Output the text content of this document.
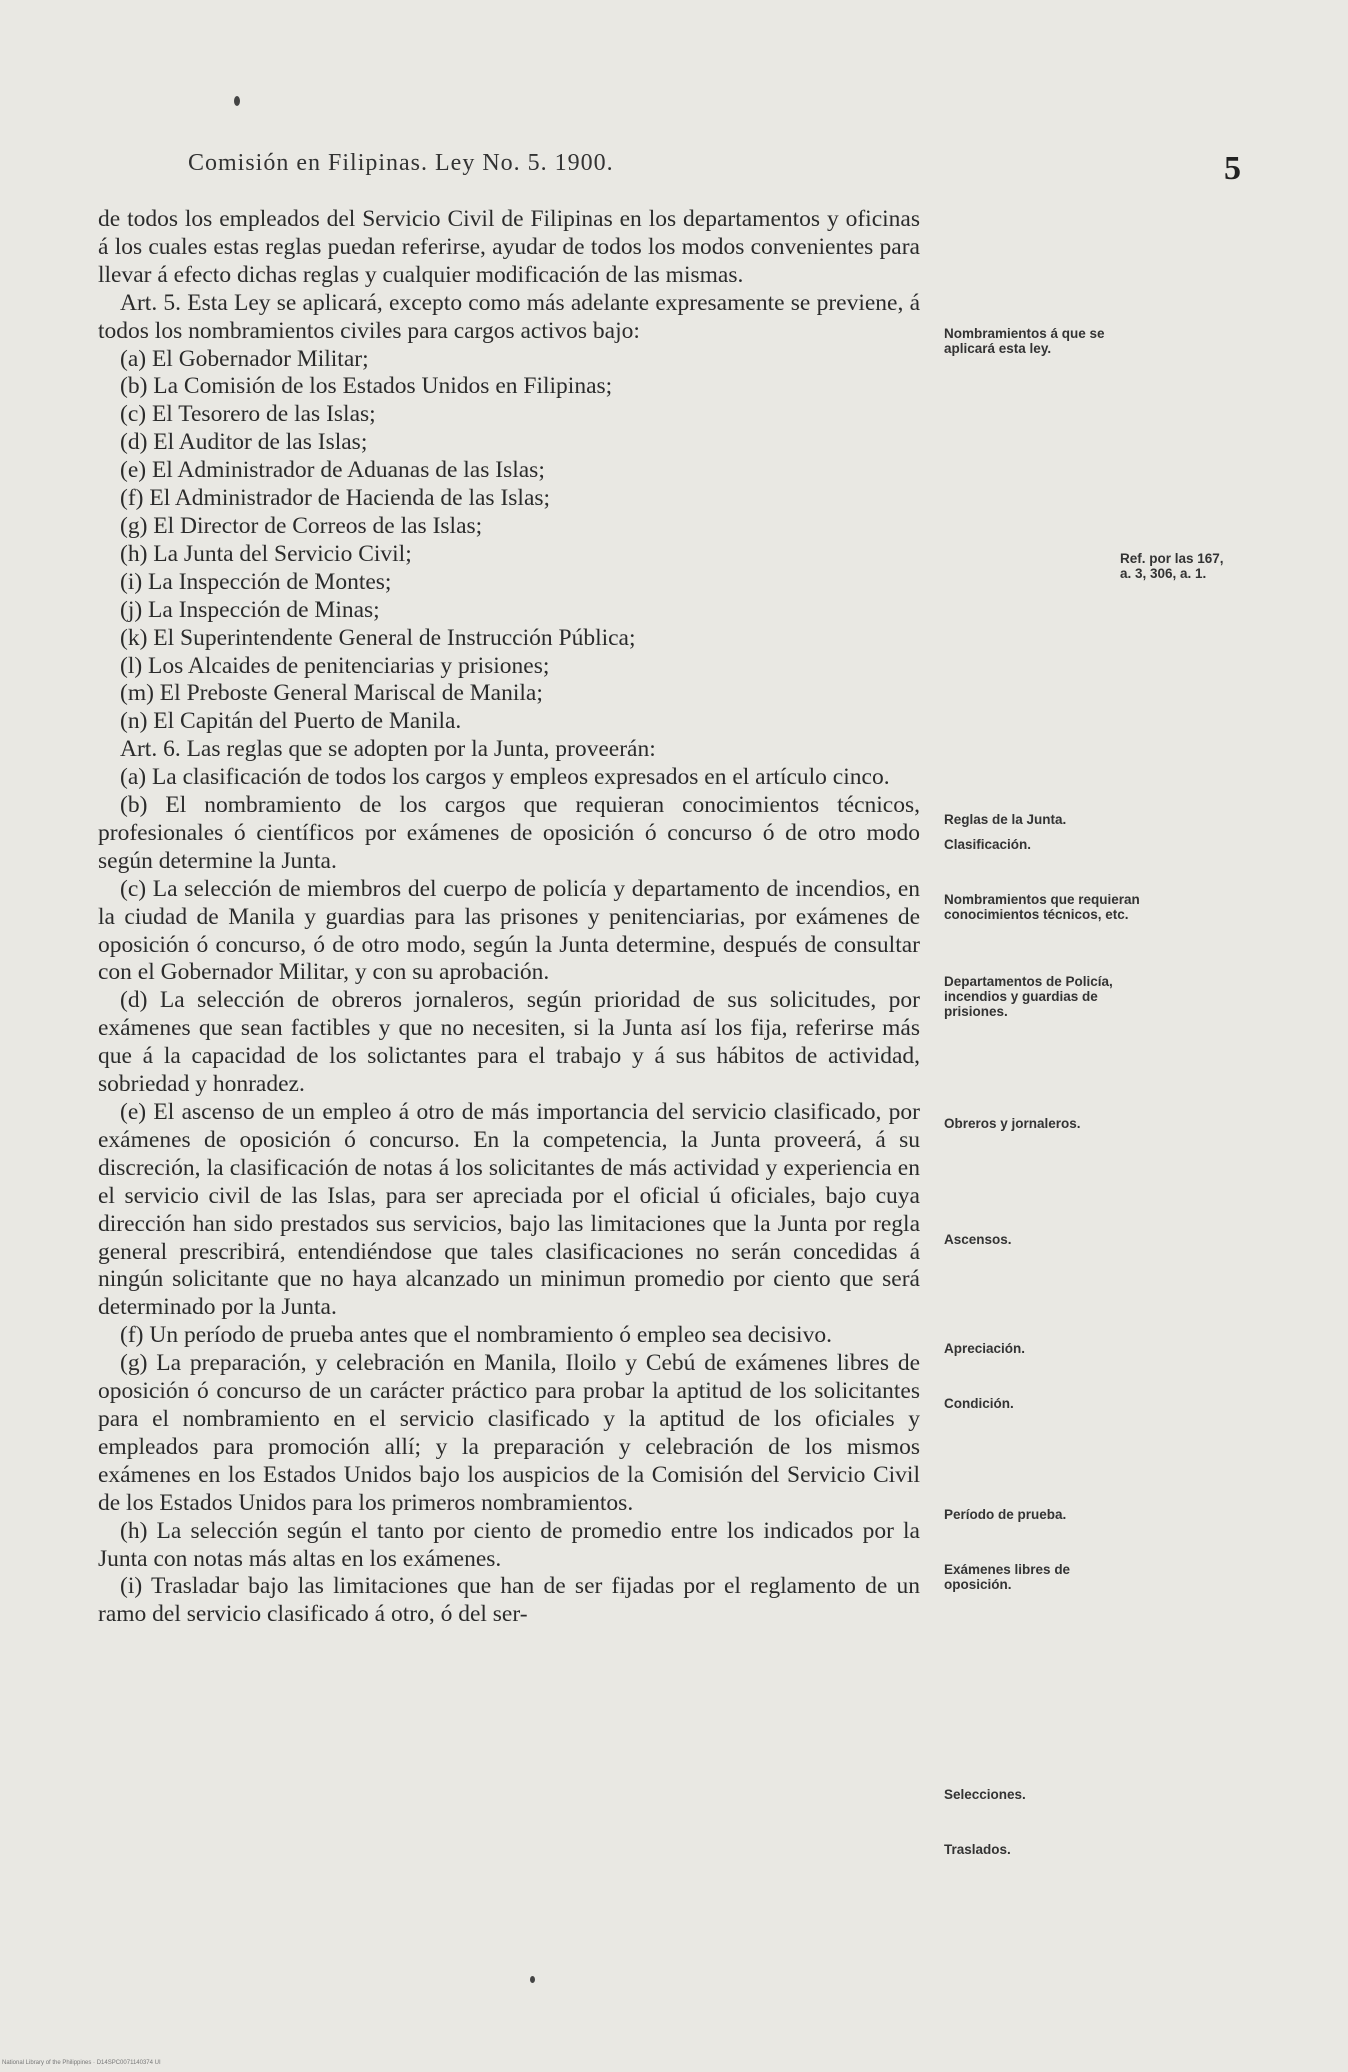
Comisión en Filipinas. Ley No. 5. 1900.	5

de todos los empleados del Servicio Civil de Filipinas en los departamentos y oficinas á los cuales estas reglas puedan referirse, ayudar de todos los modos convenientes para llevar á efecto dichas reglas y cualquier modificación de las mismas.

Art. 5. Esta Ley se aplicará, excepto como más adelante expresamente se previene, á todos los nombramientos civiles para cargos activos bajo:

(a) El Gobernador Militar;

(b) La Comisión de los Estados Unidos en Filipinas;

(c) El Tesorero de las Islas;

(d) El Auditor de las Islas;

(e) El Administrador de Aduanas de las Islas;

(f) El Administrador de Hacienda de las Islas;

(g) El Director de Correos de las Islas;

(h) La Junta del Servicio Civil;

(i) La Inspección de Montes;

(j) La Inspección de Minas;

(k) El Superintendente General de Instrucción Pública;

(l) Los Alcaides de penitenciarias y prisiones;

(m) El Preboste General Mariscal de Manila;

(n) El Capitán del Puerto de Manila.

Art. 6. Las reglas que se adopten por la Junta, proveerán:

(a) La clasificación de todos los cargos y empleos expresados en el artículo cinco.

(b) El nombramiento de los cargos que requieran conocimientos técnicos, profesionales ó científicos por exámenes de oposición ó concurso ó de otro modo según determine la Junta.

(c) La selección de miembros del cuerpo de policía y departamento de incendios, en la ciudad de Manila y guardias para las prisones y penitenciarias, por exámenes de oposición ó concurso, ó de otro modo, según la Junta determine, después de consultar con el Gobernador Militar, y con su aprobación.

(d) La selección de obreros jornaleros, según prioridad de sus solicitudes, por exámenes que sean factibles y que no necesiten, si la Junta así los fija, referirse más que á la capacidad de los solictantes para el trabajo y á sus hábitos de actividad, sobriedad y honradez.

(e) El ascenso de un empleo á otro de más importancia del servicio clasificado, por exámenes de oposición ó concurso. En la competencia, la Junta proveerá, á su discreción, la clasificación de notas á los solicitantes de más actividad y experiencia en el servicio civil de las Islas, para ser apreciada por el oficial ú oficiales, bajo cuya dirección han sido prestados sus servicios, bajo las limitaciones que la Junta por regla general prescribirá, entendiéndose que tales clasificaciones no serán concedidas á ningún solicitante que no haya alcanzado un minimun promedio por ciento que será determinado por la Junta.

(f) Un período de prueba antes que el nombramiento ó empleo sea decisivo.

(g) La preparación, y celebración en Manila, Iloilo y Cebú de exámenes libres de oposición ó concurso de un carácter práctico para probar la aptitud de los solicitantes para el nombramiento en el servicio clasificado y la aptitud de los oficiales y empleados para promoción allí; y la preparación y celebración de los mismos exámenes en los Estados Unidos bajo los auspicios de la Comisión del Servicio Civil de los Estados Unidos para los primeros nombramientos.

(h) La selección según el tanto por ciento de promedio entre los indicados por la Junta con notas más altas en los exámenes.

(i) Trasladar bajo las limitaciones que han de ser fijadas por el reglamento de un ramo del servicio clasificado á otro, ó del ser-

Nombramientos á que se aplicará esta ley.
Ref. por las 167, a. 3, 306, a. 1.
Reglas de la Junta.
Clasificación.
Nombramientos que requieran conocimientos técnicos, etc.
Departamentos de Policía, incendios y guardias de prisiones.
Obreros y jornaleros.
Ascensos.
Apreciación.
Condición.
Período de prueba.
Exámenes libres de oposición.
Selecciones.
Traslados.
National Library of the Philippines · D14SPC0071140374 UI
